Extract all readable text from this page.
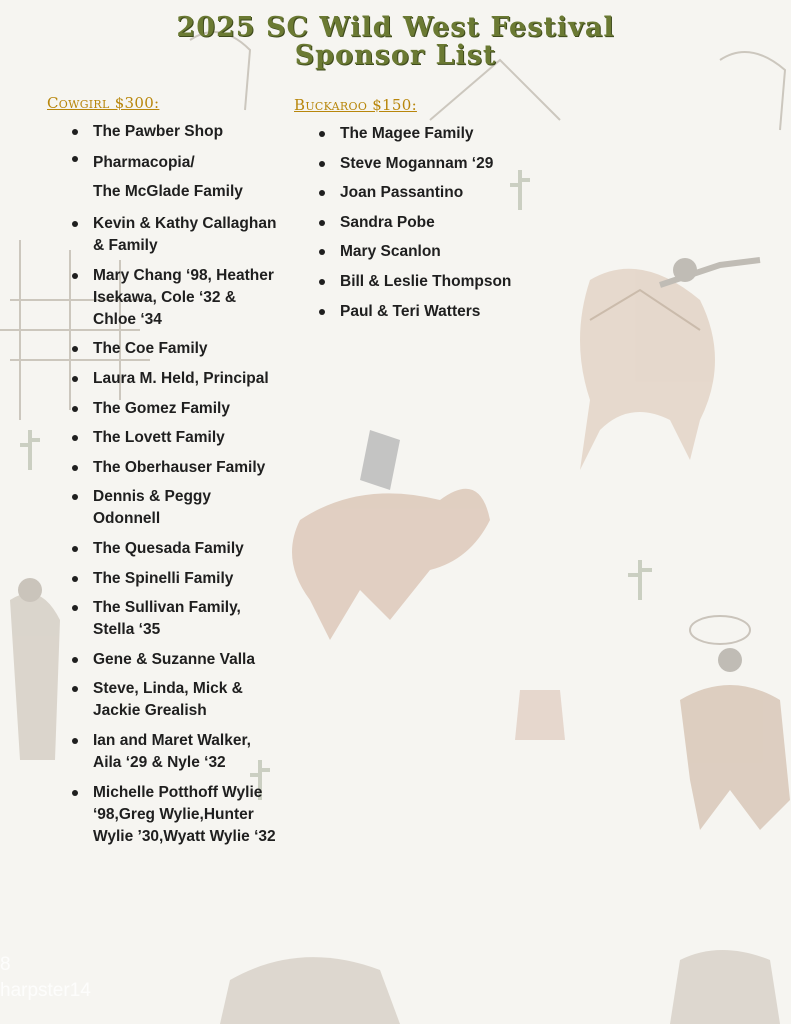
2025 SC Wild West Festival
Sponsor List
Cowgirl $300:
The Pawber Shop
Pharmacopia/
The McGlade Family
Kevin & Kathy Callaghan & Family
Mary Chang ‘98, Heather Isekawa, Cole ‘32 & Chloe ‘34
The Coe Family
Laura M. Held, Principal
The Gomez Family
The Lovett Family
The Oberhauser Family
Dennis & Peggy Odonnell
The Quesada Family
The Spinelli Family
The Sullivan Family, Stella ‘35
Gene & Suzanne Valla
Steve, Linda, Mick & Jackie Grealish
Ian and Maret Walker, Aila ‘29 & Nyle ‘32
Michelle Potthoff Wylie ‘98,Greg Wylie,Hunter Wylie ’30,Wyatt Wylie ‘32
Buckaroo $150:
The Magee Family
Steve Mogannam ‘29
Joan Passantino
Sandra Pobe
Mary Scanlon
Bill & Leslie Thompson
Paul & Teri Watters
8
harpster14
